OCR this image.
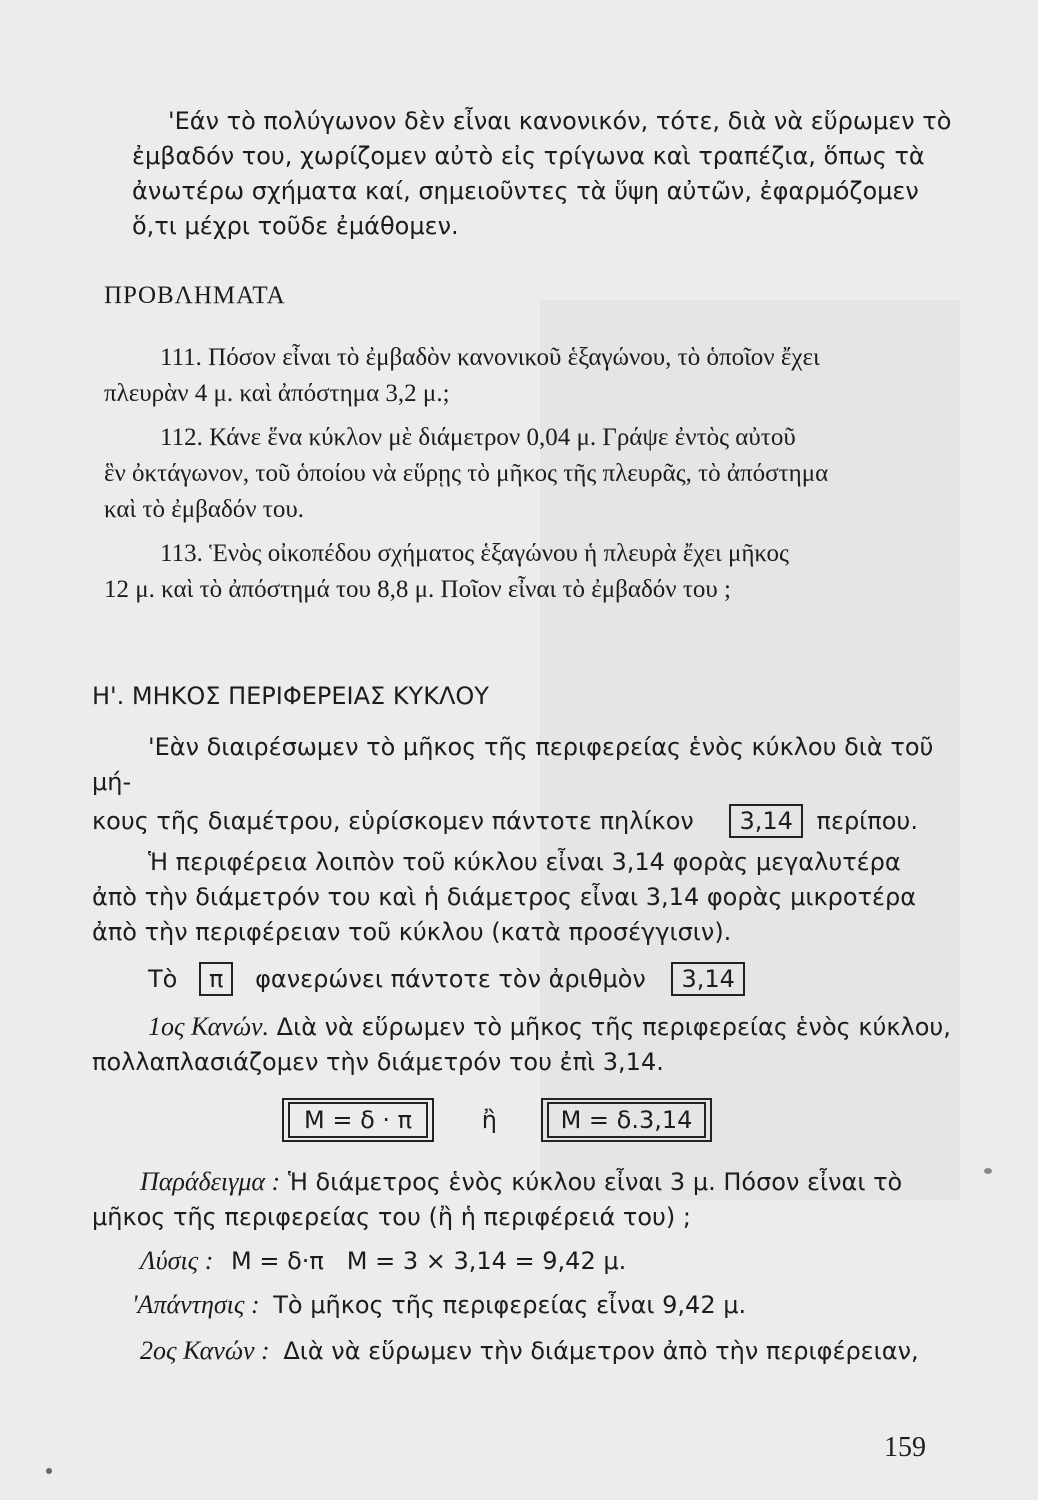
'Εάν τὸ πολύγωνον δὲν εἶναι κανονικόν, τότε, διὰ νὰ εὕρωμεν τὸ

ἐμβαδόν του, χωρίζομεν αὐτὸ εἰς τρίγωνα καὶ τραπέζια, ὅπως τὰ

ἀνωτέρω σχήματα καί, σημειοῦντες τὰ ὕψη αὐτῶν, ἐφαρμόζομεν

ὅ,τι μέχρι τοῦδε ἐμάθομεν.

ΠΡΟΒΛΗΜΑΤΑ

111. Πόσον εἶναι τὸ ἐμβαδὸν κανονικοῦ ἑξαγώνου, τὸ ὁποῖον ἔχει

πλευρὰν 4 μ. καὶ ἀπόστημα 3,2 μ.;

112. Κάνε ἕνα κύκλον μὲ διάμετρον 0,04 μ. Γράψε ἐντὸς αὐτοῦ

ἓν ὀκτάγωνον, τοῦ ὁποίου νὰ εὕρῃς τὸ μῆκος τῆς πλευρᾶς, τὸ ἀπόστημα

καὶ τὸ ἐμβαδόν του.

113. Ἑνὸς οἰκοπέδου σχήματος ἑξαγώνου ἡ πλευρὰ ἔχει μῆκος

12 μ. καὶ τὸ ἀπόστημά του 8,8 μ. Ποῖον εἶναι τὸ ἐμβαδόν του ;

Η'. ΜΗΚΟΣ ΠΕΡΙΦΕΡΕΙΑΣ ΚΥΚΛΟΥ

'Εὰν διαιρέσωμεν τὸ μῆκος τῆς περιφερείας ἑνὸς κύκλου διὰ τοῦ μή-

κους τῆς διαμέτρου, εὑρίσκομεν πάντοτε πηλίκον 3,14 περίπου.

Ἡ περιφέρεια λοιπὸν τοῦ κύκλου εἶναι 3,14 φορὰς μεγαλυτέρα

ἀπὸ τὴν διάμετρόν του καὶ ἡ διάμετρος εἶναι 3,14 φορὰς μικροτέρα

ἀπὸ τὴν περιφέρειαν τοῦ κύκλου (κατὰ προσέγγισιν).

Τὸ π φανερώνει πάντοτε τὸν ἀριθμὸν 3,14

1ος Κανών. Διὰ νὰ εὕρωμεν τὸ μῆκος τῆς περιφερείας ἑνὸς κύκλου,

πολλαπλασιάζομεν τὴν διάμετρόν του ἐπὶ 3,14.

Μ = δ · π	ἢ	Μ = δ.3,14

Παράδειγμα : Ἡ διάμετρος ἑνὸς κύκλου εἶναι 3 μ. Πόσον εἶναι τὸ

μῆκος τῆς περιφερείας του (ἢ ἡ περιφέρειά του) ;

Λύσις : Μ = δ·π   Μ = 3 × 3,14 = 9,42 μ.

'Απάντησις : Τὸ μῆκος τῆς περιφερείας εἶναι 9,42 μ.

2ος Κανών : Διὰ νὰ εὕρωμεν τὴν διάμετρον ἀπὸ τὴν περιφέρειαν,

159
